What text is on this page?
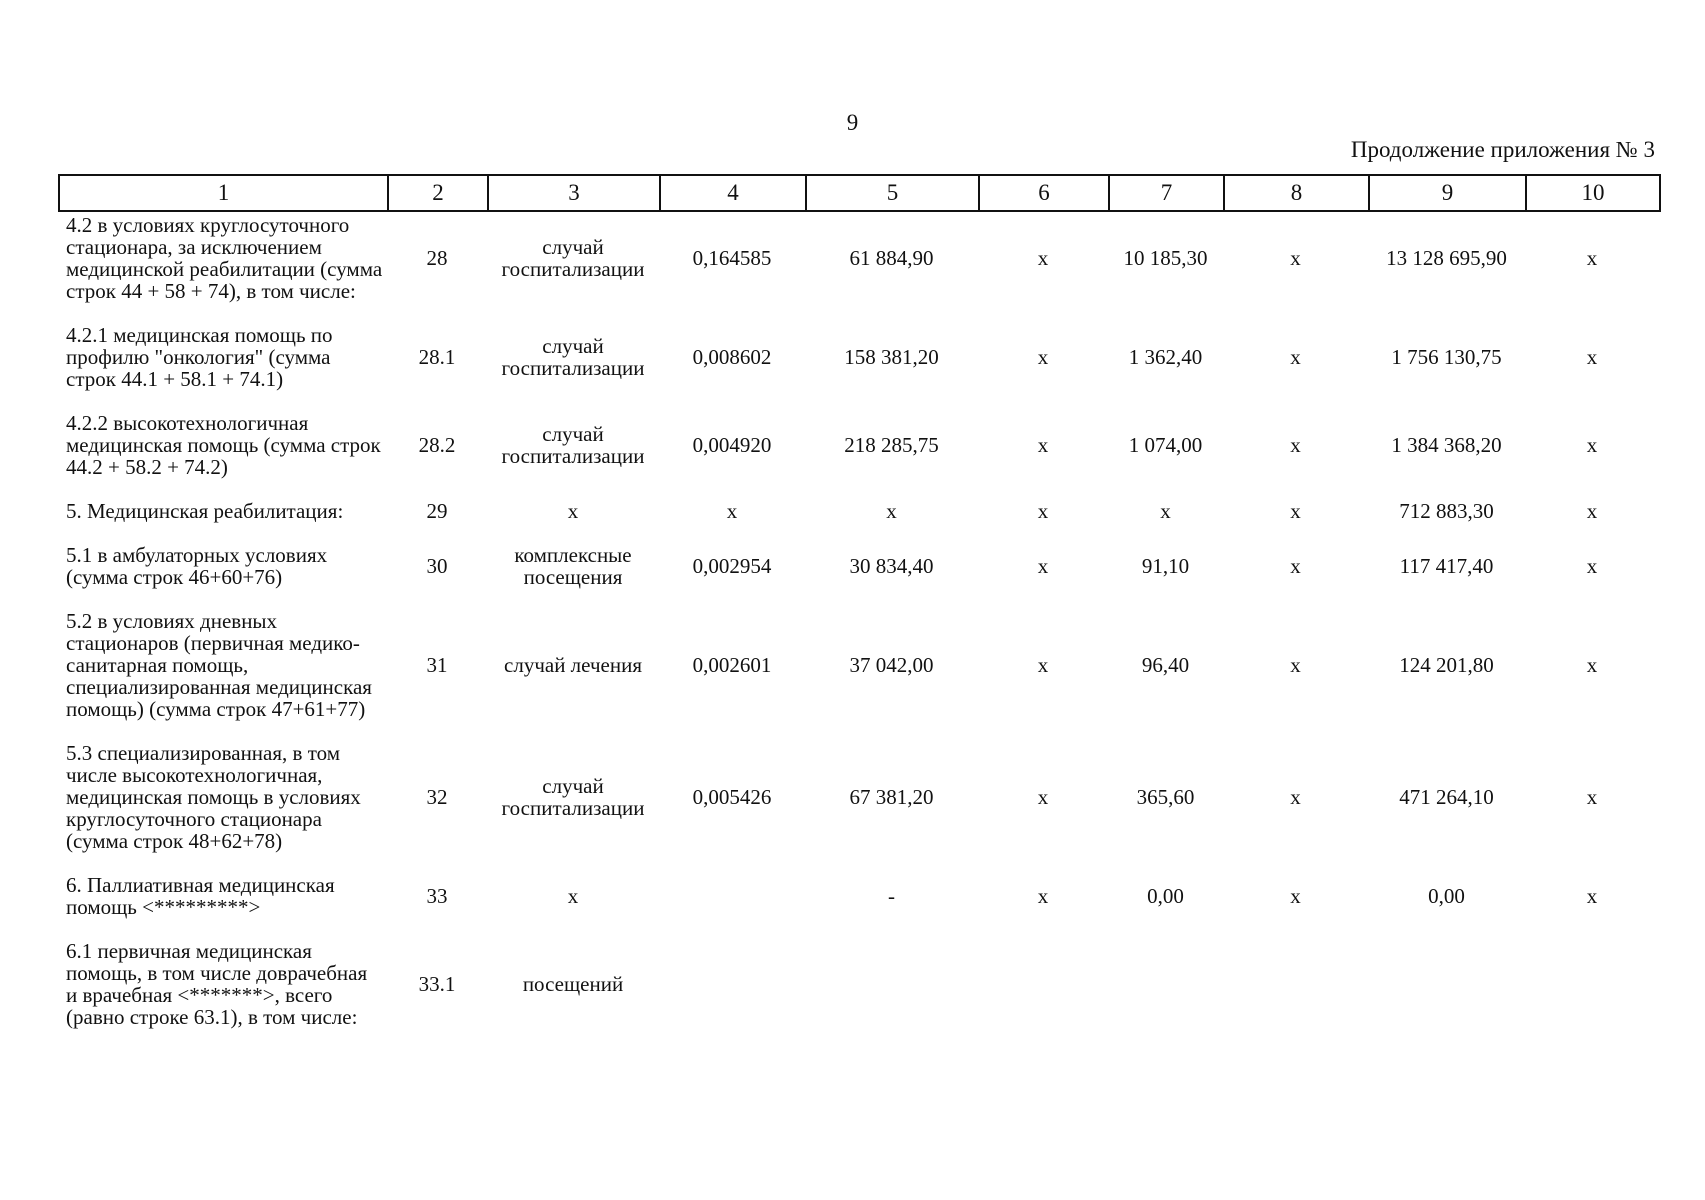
9
Продолжение приложения № 3
1	2	3	4	5	6	7	8	9	10
4.2 в условиях круглосуточного стационара, за исключением медицинской реабилитации (сумма строк 44 + 58 + 74), в том числе:	28	случай госпитализации	0,164585	61 884,90	x	10 185,30	x	13 128 695,90	x
4.2.1 медицинская помощь по профилю "онкология" (сумма строк 44.1 + 58.1 + 74.1)	28.1	случай госпитализации	0,008602	158 381,20	x	1 362,40	x	1 756 130,75	x
4.2.2 высокотехнологичная медицинская помощь (сумма строк 44.2 + 58.2 + 74.2)	28.2	случай госпитализации	0,004920	218 285,75	x	1 074,00	x	1 384 368,20	x
5. Медицинская реабилитация:	29	x	x	x	x	x	x	712 883,30	x
5.1 в амбулаторных условиях (сумма строк 46+60+76)	30	комплексные посещения	0,002954	30 834,40	x	91,10	x	117 417,40	x
5.2 в условиях дневных стационаров (первичная медико-санитарная помощь, специализированная медицинская помощь) (сумма строк 47+61+77)	31	случай лечения	0,002601	37 042,00	x	96,40	x	124 201,80	x
5.3 специализированная, в том числе высокотехнологичная, медицинская помощь в условиях круглосуточного стационара (сумма строк 48+62+78)	32	случай госпитализации	0,005426	67 381,20	x	365,60	x	471 264,10	x
6. Паллиативная медицинская помощь <*********>	33	x		-	x	0,00	x	0,00	x
6.1 первичная медицинская помощь, в том числе доврачебная и врачебная <*******>, всего (равно строке 63.1), в том числе:	33.1	посещений							
